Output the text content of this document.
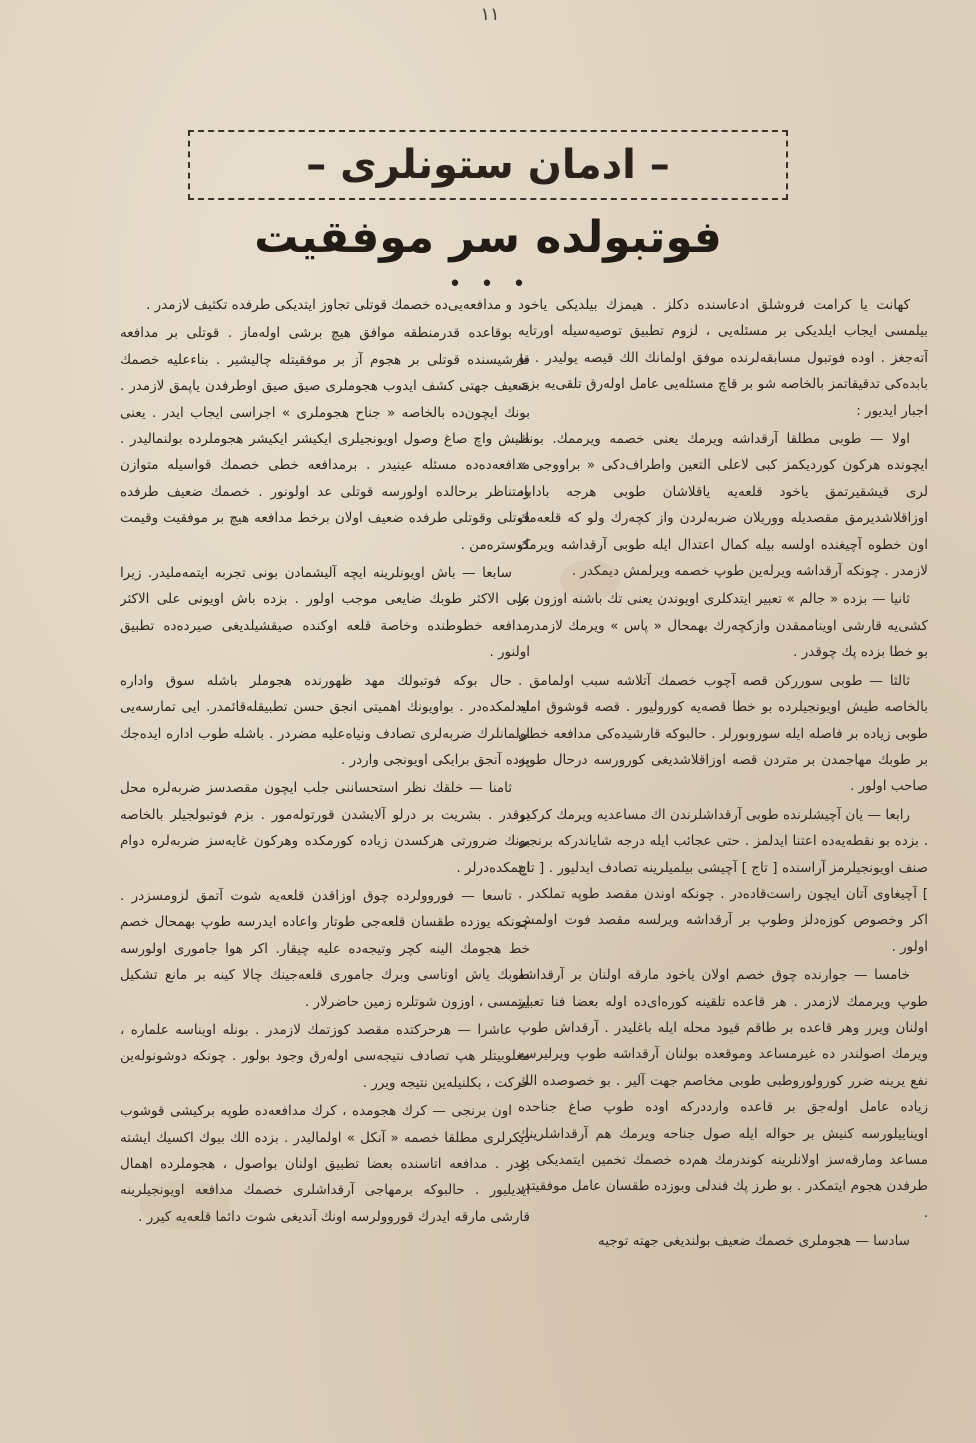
١١
– ادمان ستونلری –
فوتبولده سر موفقیت
• • •

کهانت یا کرامت فروشلق ادعاسنده دکلز . هیمزك بیلدیکی یاخود بیلمسی ایجاب ایلدیکی بر مسئله‌یی ، لزوم تطبیق توصیه‌سیله اورتایه آته‌جغز . اوده فوتبول مسابقه‌لرنده موفق اولمانك الك قیصه یولیدر . بو بابده‌کی تدقیقاتمز بالخاصه شو بر قاچ مسئله‌یی عامل اوله‌رق تلقی‌یه بزی اجبار ایدیور :

اولا — طوبی مطلقا آرقداشه ویرمك یعنی خصمه ویرممك. بونك ایچونده هرکون کوردیکمز کبی لاعلی التعین واطراف‌دکی « براووجی » لری قیشقیرتمق یاخود قلعه‌یه یاقلاشان طوبی هرجه باداباد اوزاقلاشدیرمق مقصدیله ووریلان ضربه‌لردن واز کچه‌رك ولو که قلعه‌مك اون خطوه آچیغنده اولسه بیله کمال اعتدال ایله طوبی آرقداشه ویرمك لازمدر . چونکه آرقداشه ویرله‌ین طوپ خصمه ویرلمش دیمکدر .

ثانیا — بزده « جالم » تعبیر ایتدکلری اویوندن یعنی تك باشنه اوزون بر کشی‌یه قارشی اویناممقدن وازکچه‌رك بهمحال « پاس » ویرمك لازمدر . بو خطا بزده پك چوقدر .

ثالثا — طوبی سوررکن قصه آچوب خصمك آتلاشه سبب اولمامق . بالخاصه طیش اویونجیلرده بو خطا قصه‌یه کورولیور . قصه قوشوق امله طوبی زیاده بر فاصله ایله سوروبورلر . حالبوکه قارشیده‌کی مدافعه خطی بر طوبك مهاجمدن بر متردن قصه اوزاقلاشدیغی کورورسه درحال طوپه صاحب اولور .

رابعا — یان آچیشلرنده طوبی آرقداشلرندن اك مساعدیه ویرمك کرکدر . بزده بو نقطه‌یه‌ده اعتنا ایدلمز . حتی عجائب ایله درجه شایاندرکه برنجی صنف اویونجیلرمز آراسنده [ تاج ] آچیشی بیلمیلرینه تصادف ایدلیور . [ تاج ] آچیغاوی آتان ایچون راست‌قاده‌در . چونکه اوندن مقصد طوپه تملکدر . اکر وخصوص کوزه‌دلز وطوپ بر آرقداشه ویرلسه مقصد فوت اولمش اولور .

خامسا — جوارنده چوق خصم اولان یاخود مارقه اولنان بر آرقداشه طوپ ویرممك لازمدر . هر قاعده تلقینه کوره‌ای‌ده اوله بعضا فنا تعبیر اولنان ویرر وهر قاعده بر طاقم قیود محله ایله باغلیدر . آرقداش طوپ ویرمك اصولندر ده غیرمساعد وموقعده بولنان آرقداشه طوپ ویرلیرسه نفع یرینه ضرر کورولوروطبی طوبی مخاصم جهت آلیر . بو خصوصده الك زیاده عامل اوله‌جق بر قاعده وارددرکه اوده طوپ صاغ جناحده اویناییلورسه کنیش بر حواله ایله صول جناحه ویرمك هم آرقداشلرینك مساعد ومارقه‌سز اولانلرینه کوندرمك هم‌ده خصمك تخمین ایتمدیکی بر طرفدن هجوم ایتمکدر . بو طرز پك فندلی وبوزده طقسان عامل موفقیتدر .

سادسا — هجوملری خصمك ضعیف بولندیغی جهته توجیه

و مدافعه‌یی‌ده خصمك قوتلی تجاوز ایتدیکی طرفده تکثیف لازمدر .

بوقاعده قدرمنطقه موافق هیچ برشی اوله‌ماز . قوتلی بر مدافعه قارشیسنده قوتلی بر هجوم آز بر موفقیتله چالیشیر . بناءعلیه خصمك ضعیف جهتی کشف ایدوب هجوملری صیق صیق اوطرفدن یاپمق لازمدر . بونك ایچون‌ده بالخاصه « جناح هجوملری » اجراسی ایجاب ایدر . یعنی طیش واچ صاغ وصول اویونجیلری ایکیشر ایکیشر هجوملرده بولنمالیدر . مدافعه‌ده‌ده مسئله عینیدر . برمدافعه خطی خصمك قواسیله متوازن ومتناظر برحالده اولورسه قوتلی عد اولونور . خصمك ضعیف طرفده قوتلی وقوتلی طرفده ضعیف اولان برخط مدافعه هیچ بر موفقیت وقیمت کوستره‌من .

سابعا — باش اویونلرینه ایچه آلیشمادن بونی تجربه ایتمه‌ملیدر. زیرا علی الاکثر طوبك ضایعی موجب اولور . بزده باش اویونی علی الاکثر مدافعه خطوطنده وخاصة قلعه اوکنده صیقشیلدیغی صیرده‌ده تطبیق اولنور .

حال بوکه فوتبولك مهد ظهورنده هجوملر باشله سوق واداره ایدلمکده‌در . بواویونك اهمیتی انجق حسن تطبیقله‌قائمدر. ایی تمارسه‌یی اولمانلرك ضربه‌لری تصادف ونیاه‌علیه مضردر . باشله طوب اداره ایده‌جك بزده آنجق برایکی اویونجی واردر .

ثامنا — خلقك نظر استحساننی جلب ایچون مقصدسز ضربه‌لره محل یوقدر . بشریت بر درلو آلایشدن قورتوله‌مور . بزم فوتبولجیلر بالخاصه بونك ضرورتی هرکسدن زیاده کورمکده وهرکون غایه‌سز ضربه‌لره دوام ایتمکده‌درلر .

تاسعا — فوروولرده چوق اوزاقدن قلعه‌یه شوت آتمق لزومسزدر . چونکه یوزده طقسان قلعه‌جی طوتار واعاده ایدرسه طوپ بهمحال خصم خط هجومك الینه کچر وتیجه‌ده علیه چیقار. اکر هوا جاموری اولورسه طوبك یاش اوناسی وبرك جاموری قلعه‌جینك چالا کینه بر مانع تشکیل ایتمسی ، اوزون شوتلره زمین حاضرلار .

عاشرا — هرحرکتده مقصد کوزتمك لازمدر . بونله اویناسه علماره ، مغلوبیتلر هپ تصادف نتیجه‌سی اوله‌رق وجود بولور . چونکه دوشونوله‌ین حرکت ، بکلنیله‌ین نتیجه ویرر .

اون برنجی — کرك هجومده ، کرك مدافعه‌ده طوپه برکیشی قوشوب دیکرلری مطلقا خصمه « آنکل » اولمالیدر . بزده الك بیوك اکسیك ایشته بودر . مدافعه اتاسنده بعضا تطبیق اولنان بواصول ، هجوملرده اهمال ایدیلیور . حالبوکه برمهاجی آرقداشلری خصمك مدافعه اویونجیلرینه قارشی مارقه ایدرك قوروولرسه اونك آندیغی شوت دائما قلعه‌یه کیرر .
